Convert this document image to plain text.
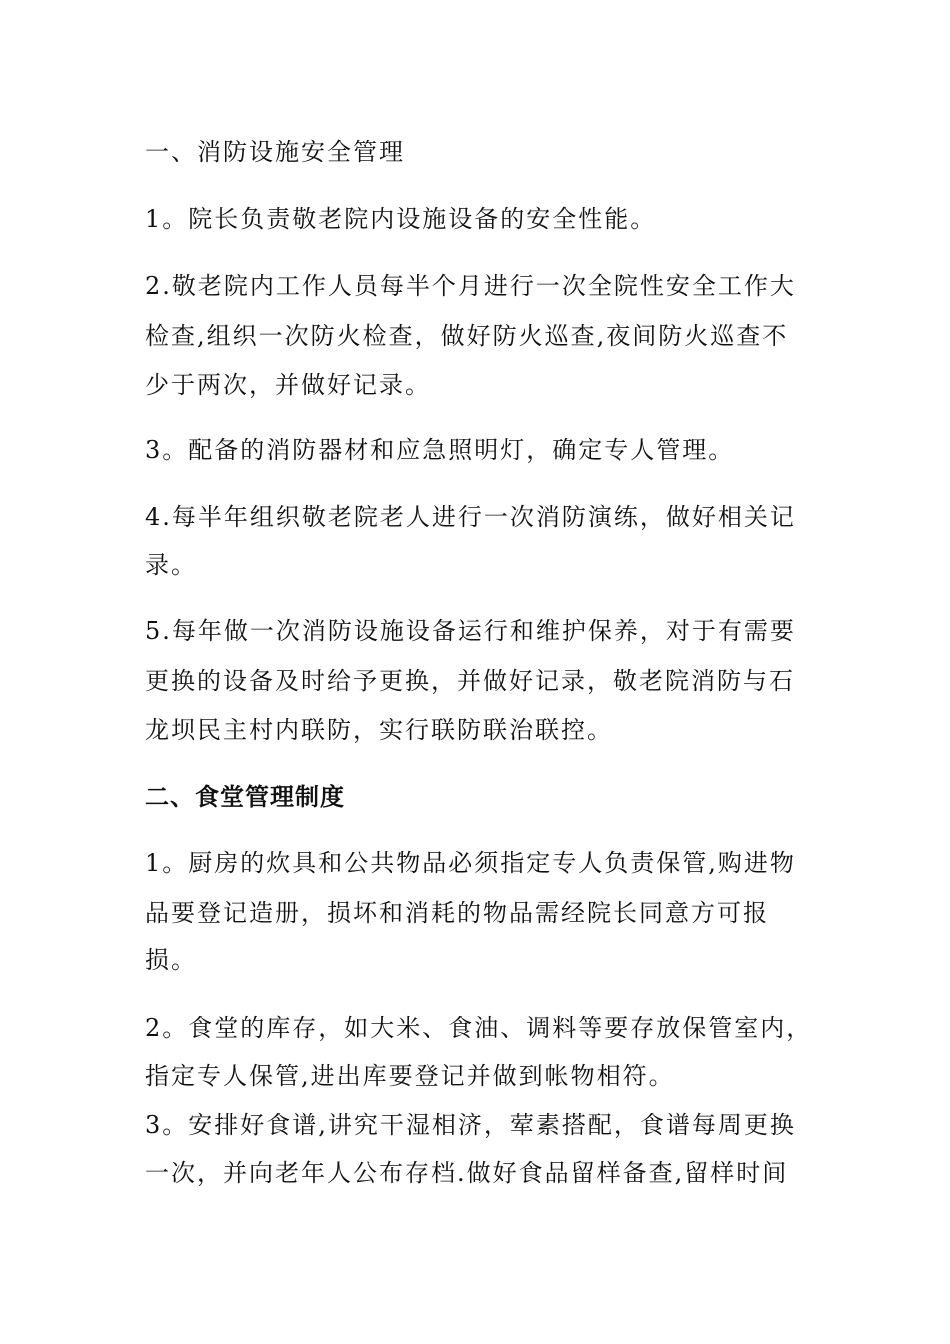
一、消防设施安全管理
1。院长负责敬老院内设施设备的安全性能。
2.敬老院内工作人员每半个月进行一次全院性安全工作大
检查,组织一次防火检查，做好防火巡查,夜间防火巡查不
少于两次，并做好记录。
3。配备的消防器材和应急照明灯，确定专人管理。
4.每半年组织敬老院老人进行一次消防演练，做好相关记
录。
5.每年做一次消防设施设备运行和维护保养，对于有需要
更换的设备及时给予更换，并做好记录，敬老院消防与石
龙坝民主村内联防，实行联防联治联控。
二、食堂管理制度
1。厨房的炊具和公共物品必须指定专人负责保管,购进物
品要登记造册，损坏和消耗的物品需经院长同意方可报
损。
2。食堂的库存，如大米、食油、调料等要存放保管室内，
指定专人保管,进出库要登记并做到帐物相符。
3。安排好食谱,讲究干湿相济，荤素搭配，食谱每周更换
一次，并向老年人公布存档.做好食品留样备查,留样时间
